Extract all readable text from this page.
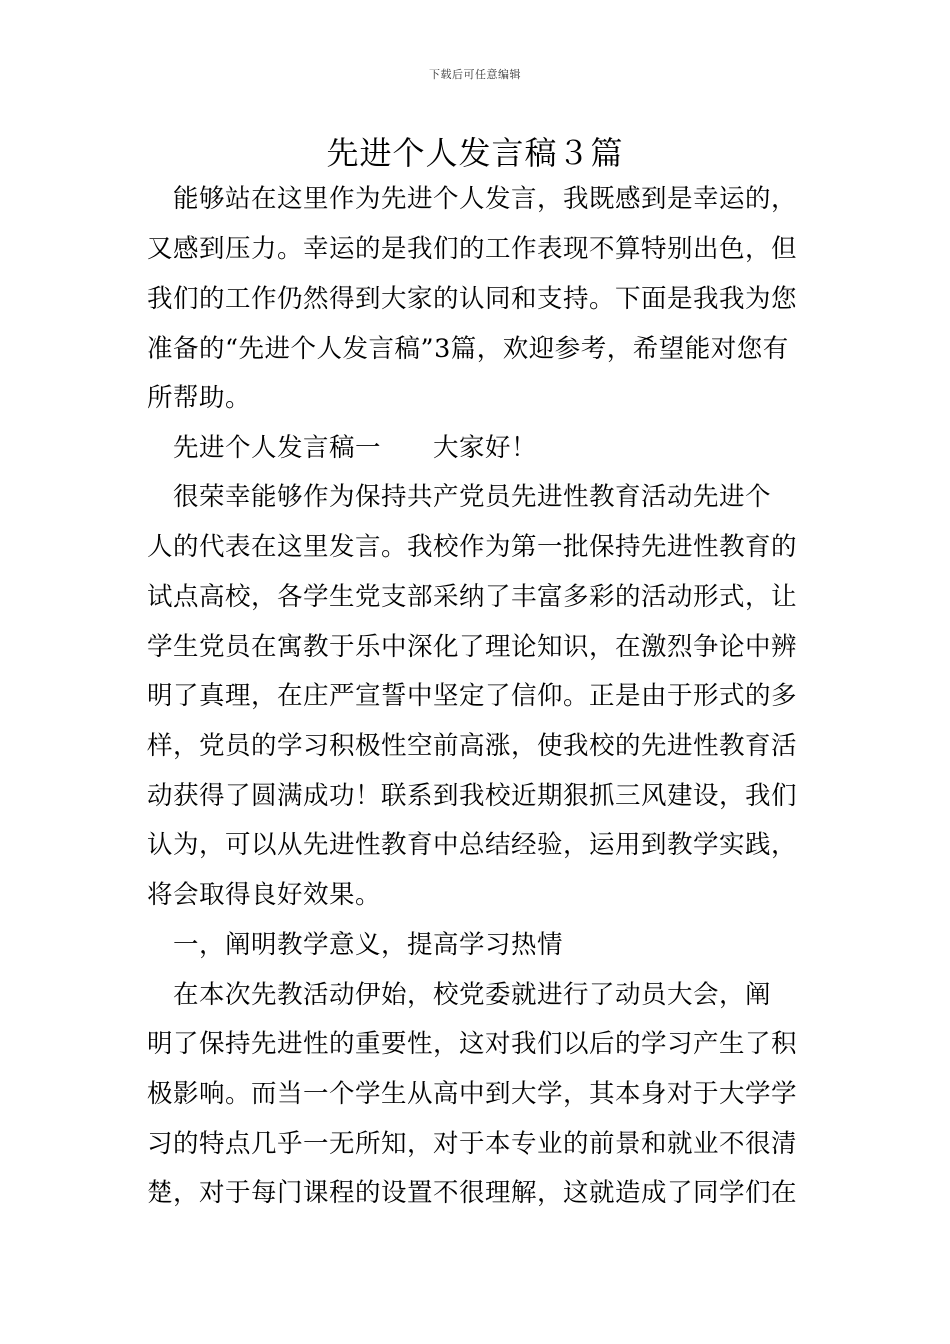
下载后可任意编辑
先进个人发言稿３篇
　能够站在这里作为先进个人发言，我既感到是幸运的，
又感到压力。幸运的是我们的工作表现不算特别出色，但
我们的工作仍然得到大家的认同和支持。下面是我我为您
准备的“先进个人发言稿”3篇，欢迎参考，希望能对您有
所帮助。
　先进个人发言稿一　　大家好！
　很荣幸能够作为保持共产党员先进性教育活动先进个
人的代表在这里发言。我校作为第一批保持先进性教育的
试点高校，各学生党支部采纳了丰富多彩的活动形式，让
学生党员在寓教于乐中深化了理论知识，在激烈争论中辨
明了真理，在庄严宣誓中坚定了信仰。正是由于形式的多
样，党员的学习积极性空前高涨，使我校的先进性教育活
动获得了圆满成功！联系到我校近期狠抓三风建设，我们
认为，可以从先进性教育中总结经验，运用到教学实践，
将会取得良好效果。
　一，阐明教学意义，提高学习热情
　在本次先教活动伊始，校党委就进行了动员大会，阐
明了保持先进性的重要性，这对我们以后的学习产生了积
极影响。而当一个学生从高中到大学，其本身对于大学学
习的特点几乎一无所知，对于本专业的前景和就业不很清
楚，对于每门课程的设置不很理解，这就造成了同学们在
